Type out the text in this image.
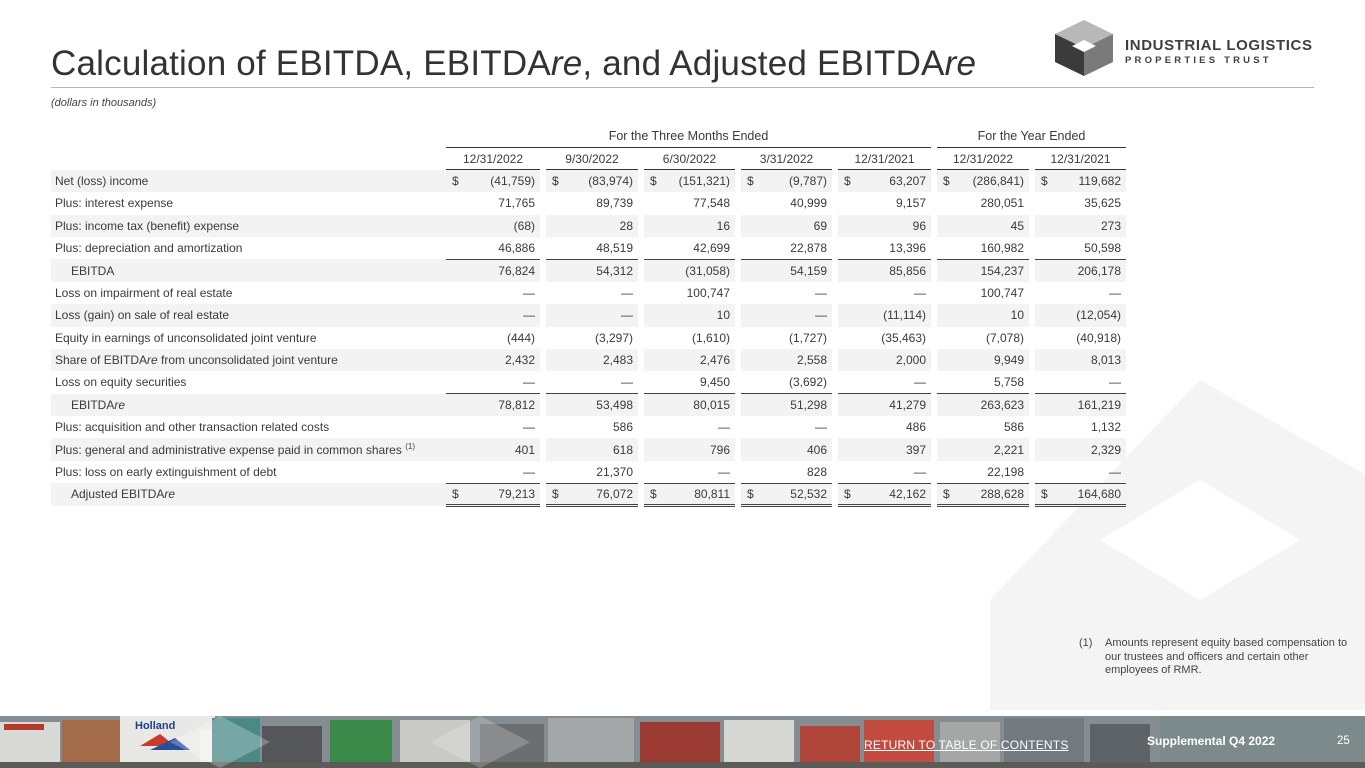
Calculation of EBITDA, EBITDAre, and Adjusted EBITDAre
(dollars in thousands)
INDUSTRIAL LOGISTICS
PROPERTIES TRUST
	For the Three Months Ended															For the Year Ended				
	12/31/2022			9/30/2022			6/30/2022			3/31/2022			12/31/2021			12/31/2022			12/31/2021	
Net (loss) income	$	(41,759)		$	(83,974)		$	(151,321)		$	(9,787)		$	63,207		$	(286,841)		$	119,682
Plus: interest expense		71,765			89,739			77,548			40,999			9,157			280,051			35,625
Plus: income tax (benefit) expense		(68)			28			16			69			96			45			273
Plus: depreciation and amortization		46,886			48,519			42,699			22,878			13,396			160,982			50,598
EBITDA		76,824			54,312			(31,058)			54,159			85,856			154,237			206,178
Loss on impairment of real estate		—			—			100,747			—			—			100,747			—
Loss (gain) on sale of real estate		—			—			10			—			(11,114)			10			(12,054)
Equity in earnings of unconsolidated joint venture		(444)			(3,297)			(1,610)			(1,727)			(35,463)			(7,078)			(40,918)
Share of EBITDAre from unconsolidated joint venture		2,432			2,483			2,476			2,558			2,000			9,949			8,013
Loss on equity securities		—			—			9,450			(3,692)			—			5,758			—
EBITDAre		78,812			53,498			80,015			51,298			41,279			263,623			161,219
Plus: acquisition and other transaction related costs		—			586			—			—			486			586			1,132
Plus: general and administrative expense paid in common shares $^{(1)}$		401			618			796			406			397			2,221			2,329
Plus: loss on early extinguishment of debt		—			21,370			—			828			—			22,198			—
Adjusted EBITDAre	$	79,213		$	76,072		$	80,811		$	52,532		$	42,162		$	288,628		$	164,680
(1) Amounts represent equity based compensation to our trustees and officers and certain other employees of RMR.
Holland
RETURN TO TABLE OF CONTENTS	Supplemental Q4 2022	25
